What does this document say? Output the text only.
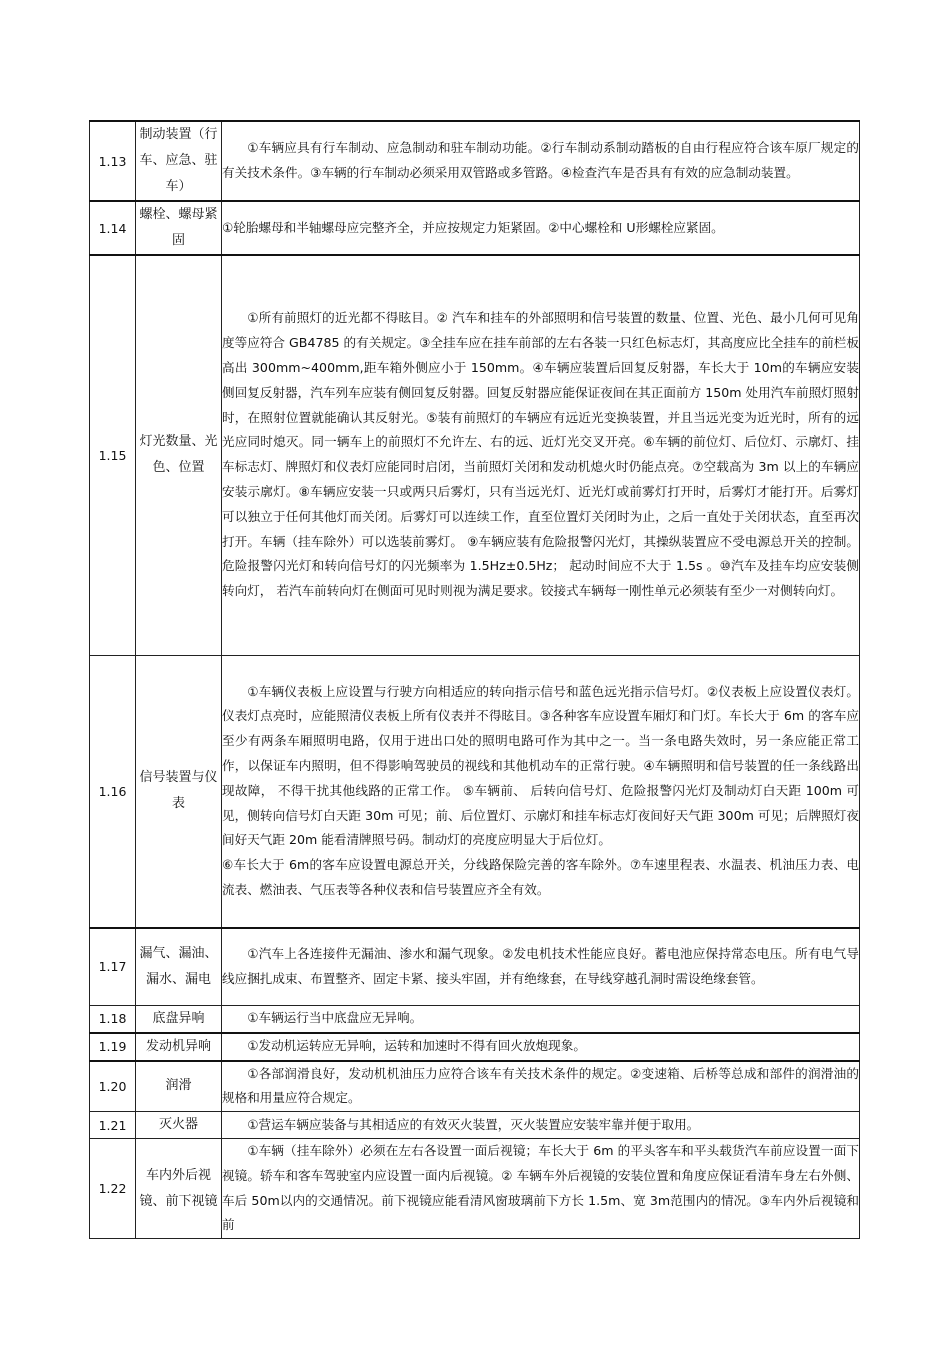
1.13	制动装置（行车、应急、驻车）	①车辆应具有行车制动、应急制动和驻车制动功能。②行车制动系制动踏板的自由行程应符合该车原厂规定的有关技术条件。③车辆的行车制动必须采用双管路或多管路。④检查汽车是否具有有效的应急制动装置。

1.14	螺栓、螺母紧固	①轮胎螺母和半轴螺母应完整齐全，并应按规定力矩紧固。②中心螺栓和 U形螺栓应紧固。

1.15	灯光数量、光色、位置	①所有前照灯的近光都不得眩目。② 汽车和挂车的外部照明和信号装置的数量、位置、光色、最小几何可见角度等应符合 GB4785 的有关规定。③全挂车应在挂车前部的左右各装一只红色标志灯，其高度应比全挂车的前栏板高出 300mm~400mm,距车箱外侧应小于 150mm。④车辆应装置后回复反射器，车长大于 10m的车辆应安装侧回复反射器，汽车列车应装有侧回复反射器。回复反射器应能保证夜间在其正面前方 150m 处用汽车前照灯照射时，在照射位置就能确认其反射光。⑤装有前照灯的车辆应有远近光变换装置，并且当远光变为近光时，所有的远光应同时熄灭。同一辆车上的前照灯不允许左、右的远、近灯光交叉开亮。⑥车辆的前位灯、后位灯、示廓灯、挂车标志灯、牌照灯和仪表灯应能同时启闭，当前照灯关闭和发动机熄火时仍能点亮。⑦空载高为 3m 以上的车辆应安装示廓灯。⑧车辆应安装一只或两只后雾灯，只有当远光灯、近光灯或前雾灯打开时，后雾灯才能打开。后雾灯可以独立于任何其他灯而关闭。后雾灯可以连续工作，直至位置灯关闭时为止，之后一直处于关闭状态，直至再次打开。车辆（挂车除外）可以选装前雾灯。 ⑨车辆应装有危险报警闪光灯，其操纵装置应不受电源总开关的控制。 危险报警闪光灯和转向信号灯的闪光频率为 1.5Hz±0.5Hz； 起动时间应不大于 1.5s 。⑩汽车及挂车均应安装侧转向灯， 若汽车前转向灯在侧面可见时则视为满足要求。铰接式车辆每一刚性单元必须装有至少一对侧转向灯。

1.16	信号装置与仪表	①车辆仪表板上应设置与行驶方向相适应的转向指示信号和蓝色远光指示信号灯。②仪表板上应设置仪表灯。仪表灯点亮时，应能照清仪表板上所有仪表并不得眩目。③各种客车应设置车厢灯和门灯。车长大于 6m 的客车应至少有两条车厢照明电路，仅用于进出口处的照明电路可作为其中之一。当一条电路失效时，另一条应能正常工作，以保证车内照明，但不得影响驾驶员的视线和其他机动车的正常行驶。④车辆照明和信号装置的任一条线路出现故障， 不得干扰其他线路的正常工作。 ⑤车辆前、 后转向信号灯、危险报警闪光灯及制动灯白天距 100m 可见，侧转向信号灯白天距 30m 可见；前、后位置灯、示廓灯和挂车标志灯夜间好天气距 300m 可见；后牌照灯夜间好天气距 20m 能看清牌照号码。制动灯的亮度应明显大于后位灯。

⑥车长大于 6m的客车应设置电源总开关，分线路保险完善的客车除外。⑦车速里程表、水温表、机油压力表、电流表、燃油表、气压表等各种仪表和信号装置应齐全有效。

1.17	漏气、漏油、漏水、漏电	①汽车上各连接件无漏油、渗水和漏气现象。②发电机技术性能应良好。蓄电池应保持常态电压。所有电气导线应捆扎成束、布置整齐、固定卡紧、接头牢固，并有绝缘套，在导线穿越孔洞时需设绝缘套管。

1.18	底盘异响	①车辆运行当中底盘应无异响。

1.19	发动机异响	①发动机运转应无异响，运转和加速时不得有回火放炮现象。

1.20	润滑	①各部润滑良好，发动机机油压力应符合该车有关技术条件的规定。②变速箱、后桥等总成和部件的润滑油的规格和用量应符合规定。

1.21	灭火器	①营运车辆应装备与其相适应的有效灭火装置，灭火装置应安装牢靠并便于取用。

1.22	车内外后视镜、前下视镜	①车辆（挂车除外）必须在左右各设置一面后视镜；车长大于 6m 的平头客车和平头载货汽车前应设置一面下视镜。轿车和客车驾驶室内应设置一面内后视镜。② 车辆车外后视镜的安装位置和角度应保证看清车身左右外侧、车后 50m以内的交通情况。前下视镜应能看清风窗玻璃前下方长 1.5m、宽 3m范围内的情况。③车内外后视镜和前
